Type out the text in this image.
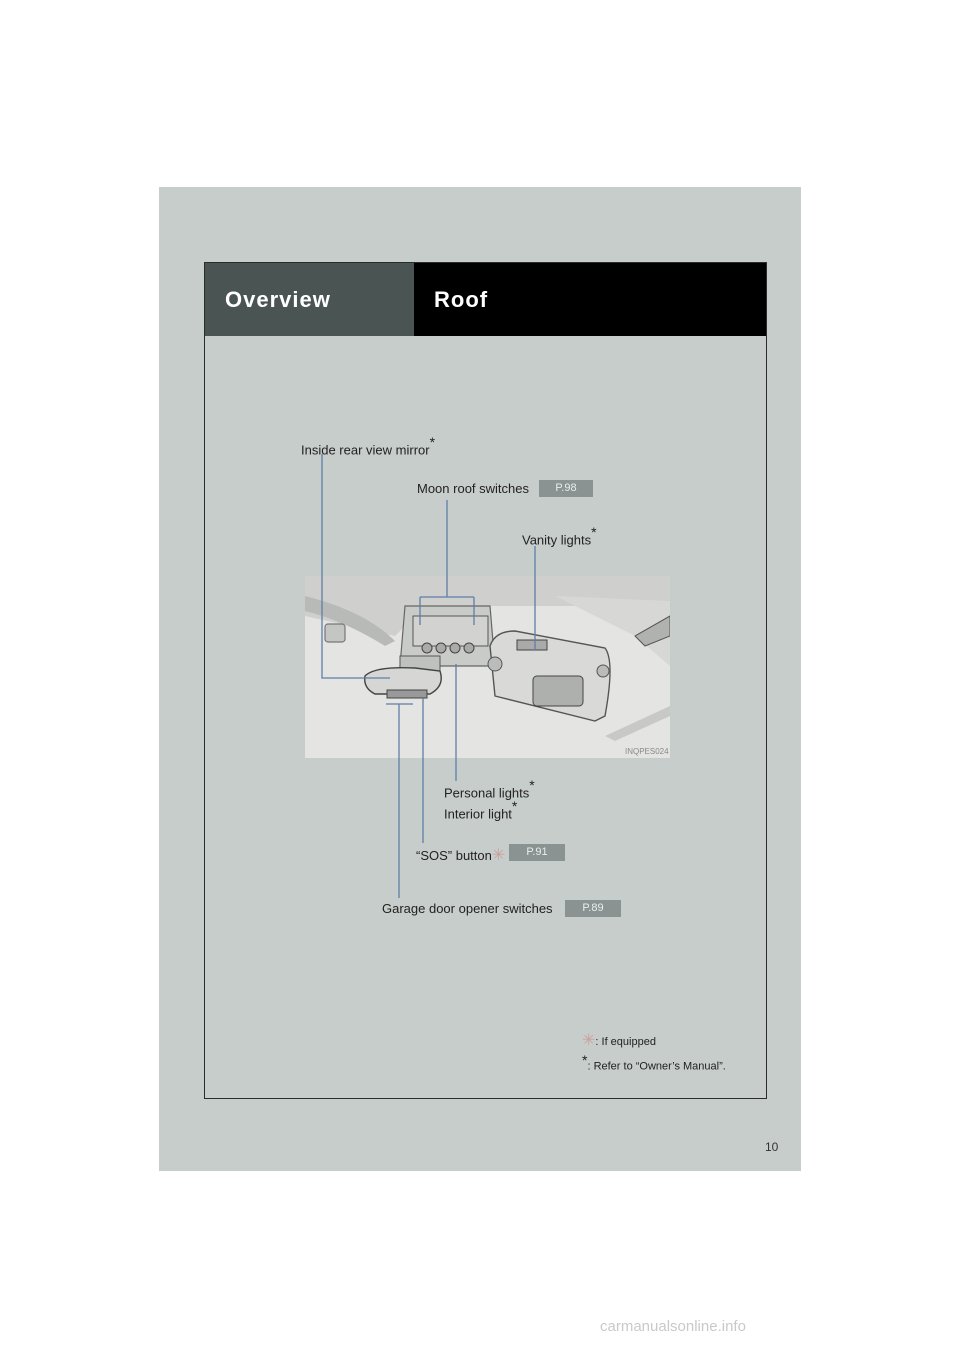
Overview	Roof
INQPES024
Inside rear view mirror*
Moon roof switches	P.98
Vanity lights*
Personal lights*
Interior light*
“SOS” button✳	P.91
Garage door opener switches	P.89
✳: If equipped
*: Refer to “Owner’s Manual”.
10
carmanualsonline.info
